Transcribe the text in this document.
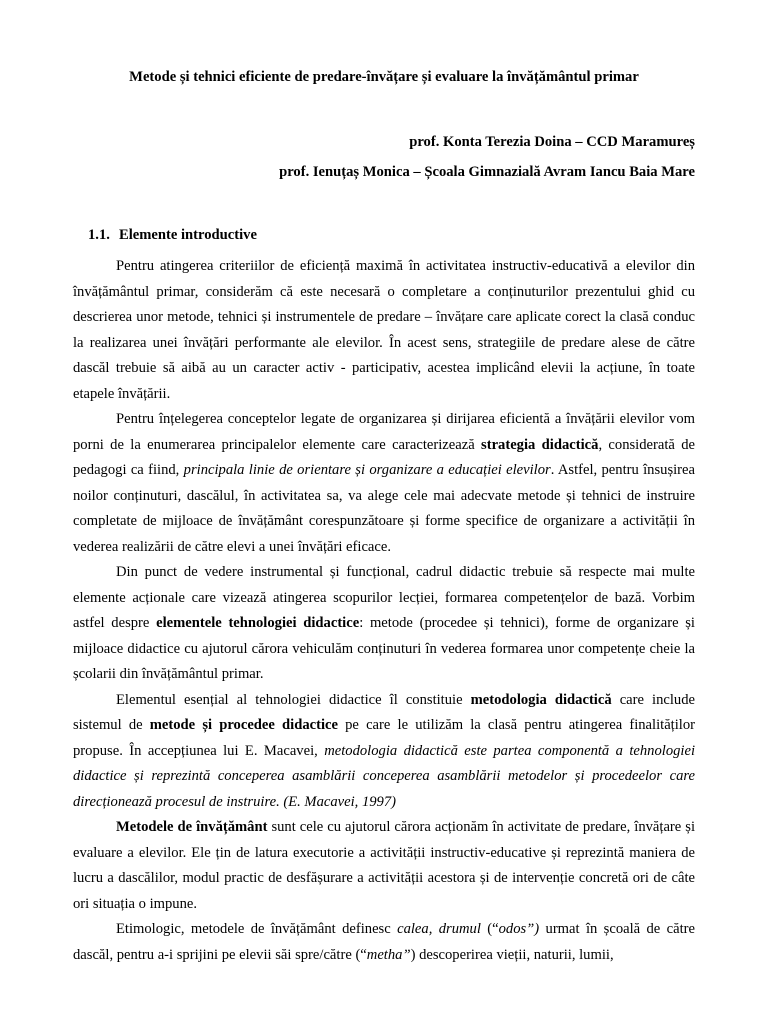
Metode și tehnici eficiente de predare-învățare și evaluare la învățământul primar
prof. Konta Terezia Doina – CCD Maramureș
prof. Ienuțaș Monica – Școala Gimnazială Avram Iancu Baia Mare
1.1. Elemente introductive

Pentru atingerea criteriilor de eficiență maximă în activitatea instructiv-educativă a elevilor din învățământul primar, considerăm că este necesară o completare a conținuturilor prezentului ghid cu descrierea unor metode, tehnici și instrumentele de predare – învățare care aplicate corect la clasă conduc la realizarea unei învățări performante ale elevilor. În acest sens, strategiile de predare alese de către dascăl trebuie să aibă au un caracter activ - participativ, acestea implicând elevii la acțiune, în toate etapele învățării.

Pentru înțelegerea conceptelor legate de organizarea și dirijarea eficientă a învățării elevilor vom porni de la enumerarea principalelor elemente care caracterizează strategia didactică, considerată de pedagogi ca fiind, principala linie de orientare și organizare a educației elevilor. Astfel, pentru însușirea noilor conținuturi, dascălul, în activitatea sa, va alege cele mai adecvate metode și tehnici de instruire completate de mijloace de învățământ corespunzătoare și forme specifice de organizare a activității în vederea realizării de către elevi a unei învățări eficace.

Din punct de vedere instrumental și funcțional, cadrul didactic trebuie să respecte mai multe elemente acționale care vizează atingerea scopurilor lecției, formarea competențelor de bază. Vorbim astfel despre elementele tehnologiei didactice: metode (procedee și tehnici), forme de organizare și mijloace didactice cu ajutorul cărora vehiculăm conținuturi în vederea formarea unor competențe cheie la școlarii din învățământul primar.

Elementul esențial al tehnologiei didactice îl constituie metodologia didactică care include sistemul de metode și procedee didactice pe care le utilizăm la clasă pentru atingerea finalităților propuse. În accepțiunea lui E. Macavei, metodologia didactică este partea componentă a tehnologiei didactice și reprezintă conceperea asamblării conceperea asamblării metodelor și procedeelor care direcționează procesul de instruire. (E. Macavei, 1997)

Metodele de învățământ sunt cele cu ajutorul cărora acționăm în activitate de predare, învățare și evaluare a elevilor. Ele țin de latura executorie a activității instructiv-educative și reprezintă maniera de lucru a dascălilor, modul practic de desfășurare a activității acestora și de intervenție concretă ori de câte ori situația o impune.

Etimologic, metodele de învățământ definesc calea, drumul (“odos”) urmat în școală de către dascăl, pentru a-i sprijini pe elevii săi spre/către (“metha”) descoperirea vieții, naturii, lumii,
